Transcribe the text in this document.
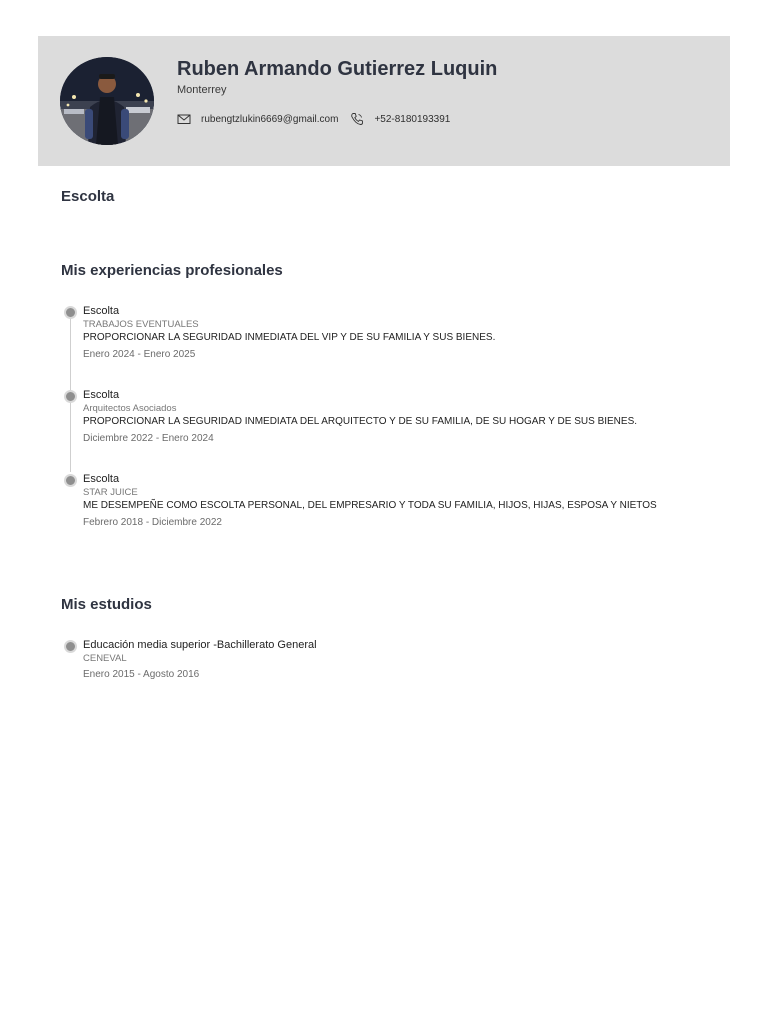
Ruben Armando Gutierrez Luquin
Monterrey
rubengtzlukin6669@gmail.com	+52-8180193391
Escolta
Mis experiencias profesionales
Escolta
TRABAJOS EVENTUALES
PROPORCIONAR LA SEGURIDAD INMEDIATA DEL VIP Y DE SU FAMILIA Y SUS BIENES.
Enero 2024 - Enero 2025
Escolta
Arquitectos Asociados
PROPORCIONAR LA SEGURIDAD INMEDIATA DEL ARQUITECTO Y DE SU FAMILIA, DE SU HOGAR Y DE SUS BIENES.
Diciembre 2022 - Enero 2024
Escolta
STAR JUICE
ME DESEMPEÑE COMO ESCOLTA PERSONAL, DEL EMPRESARIO Y TODA SU FAMILIA, HIJOS, HIJAS, ESPOSA Y NIETOS
Febrero 2018 - Diciembre 2022
Mis estudios
Educación media superior -Bachillerato General
CENEVAL
Enero 2015 - Agosto 2016
